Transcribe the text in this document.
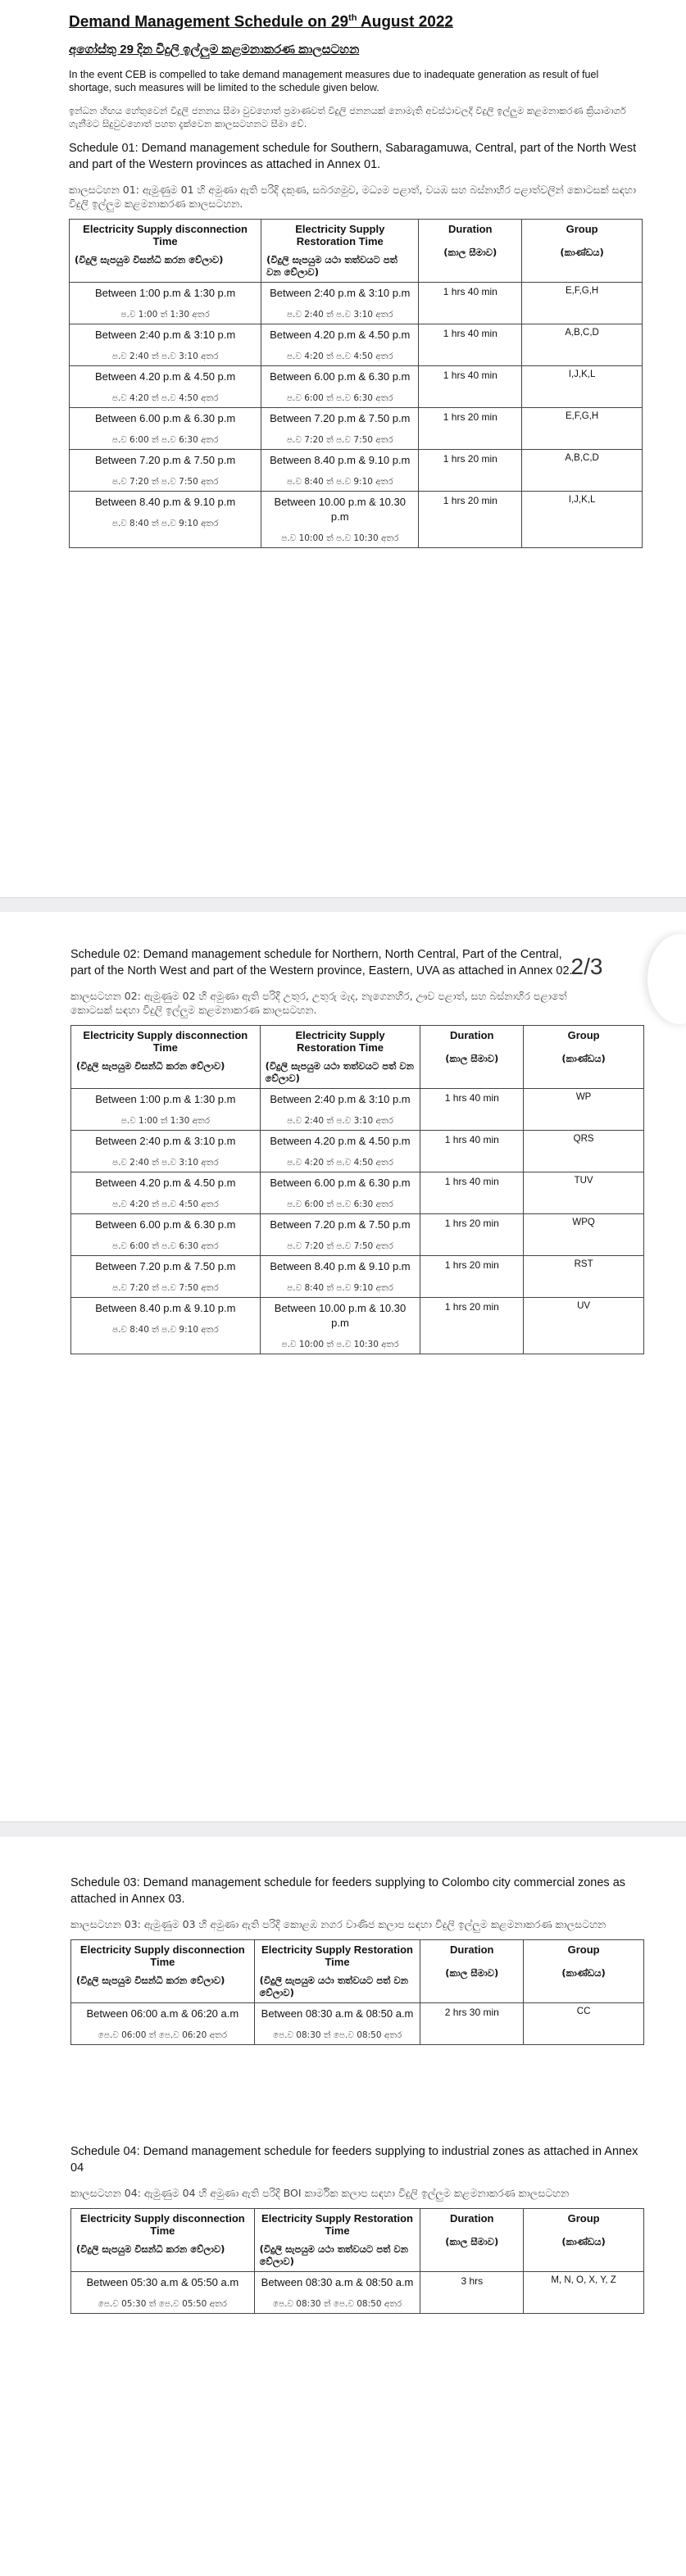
Demand Management Schedule on 29th August 2022
අගෝස්තු 29 දින විදුලි ඉල්ලුම කළමනාකරණ කාලසටහන

In the event CEB is compelled to take demand management measures due to inadequate generation as result of fuel shortage, such measures will be limited to the schedule given below.

ඉන්ධන හිඟය හේතුවෙන් විදුලි ජනනය සීමා වුවහොත් ප්‍රමාණවත් විදුලි ජනනයක් නොමැති අවස්ථාවලදී විදුලි ඉල්ලුම කළමනාකරණ ක්‍රියාමාර්ග ගැනීමට සිදුවුවහොත් පහත දැක්වෙන කාලසටහනට සීමා වේ.

Schedule 01: Demand management schedule for Southern, Sabaragamuwa, Central, part of the North West and part of the Western provinces as attached in Annex 01.

කාලසටහන 01: ඇමුණුම 01 හි අමුණා ඇති පරිදි දකුණ, සබරගමුව, මධ්‍යම පළාත්, වයඹ සහ බස්නාහිර පළාත්වලින් කොටසක් සඳහා විදුලි ඉල්ලුම කළමනාකරණ කාලසටහන.

Electricity Supply disconnection Time
(විදුලි සැපයුම විසන්ධි කරන වේලාව)	Electricity Supply Restoration Time
(විදුලි සැපයුම යථා තත්වයට පත් වන වේලාව)	Duration
(කාල සීමාව)	Group
(කාණ්ඩය)

Between 1:00 p.m & 1:30 p.m
ප.ව 1:00 ත් 1:30 අතර	Between 2:40 p.m & 3:10 p.m
ප.ව 2:40 ත් ප.ව 3:10 අතර	1 hrs 40 min	E,F,G,H

Between 2:40 p.m & 3:10 p.m
ප.ව 2:40 ත් ප.ව 3:10 අතර	Between 4.20 p.m & 4.50 p.m
ප.ව 4:20 ත් ප.ව 4:50 අතර	1 hrs 40 min	A,B,C,D

Between 4.20 p.m & 4.50 p.m
ප.ව 4:20 ත් ප.ව 4:50 අතර	Between 6.00 p.m & 6.30 p.m
ප.ව 6:00 ත් ප.ව 6:30 අතර	1 hrs 40 min	I,J,K,L

Between 6.00 p.m & 6.30 p.m
ප.ව 6:00 ත් ප.ව 6:30 අතර	Between 7.20 p.m & 7.50 p.m
ප.ව 7:20 ත් ප.ව 7:50 අතර	1 hrs 20 min	E,F,G,H

Between 7.20 p.m & 7.50 p.m
ප.ව 7:20 ත් ප.ව 7:50 අතර	Between 8.40 p.m & 9.10 p.m
ප.ව 8:40 ත් ප.ව 9:10 අතර	1 hrs 20 min	A,B,C,D

Between 8.40 p.m & 9.10 p.m
ප.ව 8:40 ත් ප.ව 9:10 අතර	Between 10.00 p.m & 10.30 p.m
ප.ව 10:00 ත් ප.ව 10:30 අතර	1 hrs 20 min	I,J,K,L

Schedule 02: Demand management schedule for Northern, North Central, Part of the Central, part of the North West and part of the Western province, Eastern, UVA as attached in Annex 02.

කාලසටහන 02: ඇමුණුම 02 හි අමුණා ඇති පරිදි උතුර, උතුරු මැද, නැගෙනහිර, ඌව පළාත්, සහ බස්නාහිර පළාතේ කොටසක් සඳහා විදුලි ඉල්ලුම කළමනාකරණ කාලසටහන.

Electricity Supply disconnection Time
(විදුලි සැපයුම විසන්ධි කරන වේලාව)	Electricity Supply Restoration Time
(විදුලි සැපයුම යථා තත්වයට පත් වන වේලාව)	Duration
(කාල සීමාව)	Group
(කාණ්ඩය)

Between 1:00 p.m & 1:30 p.m
ප.ව 1:00 ත් 1:30 අතර	Between 2:40 p.m & 3:10 p.m
ප.ව 2:40 ත් ප.ව 3:10 අතර	1 hrs 40 min	WP

Between 2:40 p.m & 3:10 p.m
ප.ව 2:40 ත් ප.ව 3:10 අතර	Between 4.20 p.m & 4.50 p.m
ප.ව 4:20 ත් ප.ව 4:50 අතර	1 hrs 40 min	QRS

Between 4.20 p.m & 4.50 p.m
ප.ව 4:20 ත් ප.ව 4:50 අතර	Between 6.00 p.m & 6.30 p.m
ප.ව 6:00 ත් ප.ව 6:30 අතර	1 hrs 40 min	TUV

Between 6.00 p.m & 6.30 p.m
ප.ව 6:00 ත් ප.ව 6:30 අතර	Between 7.20 p.m & 7.50 p.m
ප.ව 7:20 ත් ප.ව 7:50 අතර	1 hrs 20 min	WPQ

Between 7.20 p.m & 7.50 p.m
ප.ව 7:20 ත් ප.ව 7:50 අතර	Between 8.40 p.m & 9.10 p.m
ප.ව 8:40 ත් ප.ව 9:10 අතර	1 hrs 20 min	RST

Between 8.40 p.m & 9.10 p.m
ප.ව 8:40 ත් ප.ව 9:10 අතර	Between 10.00 p.m & 10.30 p.m
ප.ව 10:00 ත් ප.ව 10:30 අතර	1 hrs 20 min	UV
2/3

Schedule 03: Demand management schedule for feeders supplying to Colombo city commercial zones as attached in Annex 03.

කාලසටහන 03: ඇමුණුම 03 හි අමුණා ඇති පරිදි කොළඹ නගර වාණිජ කලාප සඳහා විදුලි ඉල්ලුම කළමනාකරණ කාලසටහන

Electricity Supply disconnection Time
(විදුලි සැපයුම විසන්ධි කරන වේලාව)	Electricity Supply Restoration Time
(විදුලි සැපයුම යථා තත්වයට පත් වන වේලාව)	Duration
(කාල සීමාව)	Group
(කාණ්ඩය)

Between 06:00 a.m & 06:20 a.m
පෙ.ව 06:00 ත් පෙ.ව 06:20 අතර	Between 08:30 a.m & 08:50 a.m
පෙ.ව 08:30 ත් පෙ.ව 08:50 අතර	2 hrs 30 min	CC

Schedule 04: Demand management schedule for feeders supplying to industrial zones as attached in Annex 04

කාලසටහන 04: ඇමුණුම 04 හි අමුණා ඇති පරිදි BOI කාර්මික කලාප සඳහා විදුලි ඉල්ලුම කළමනාකරණ කාලසටහන

Electricity Supply disconnection Time
(විදුලි සැපයුම විසන්ධි කරන වේලාව)	Electricity Supply Restoration Time
(විදුලි සැපයුම යථා තත්වයට පත් වන වේලාව)	Duration
(කාල සීමාව)	Group
(කාණ්ඩය)

Between 05:30 a.m & 05:50 a.m
පෙ.ව 05:30 ත් පෙ.ව 05:50 අතර	Between 08:30 a.m & 08:50 a.m
පෙ.ව 08:30 ත් පෙ.ව 08:50 අතර	3 hrs	M, N, O, X, Y, Z
